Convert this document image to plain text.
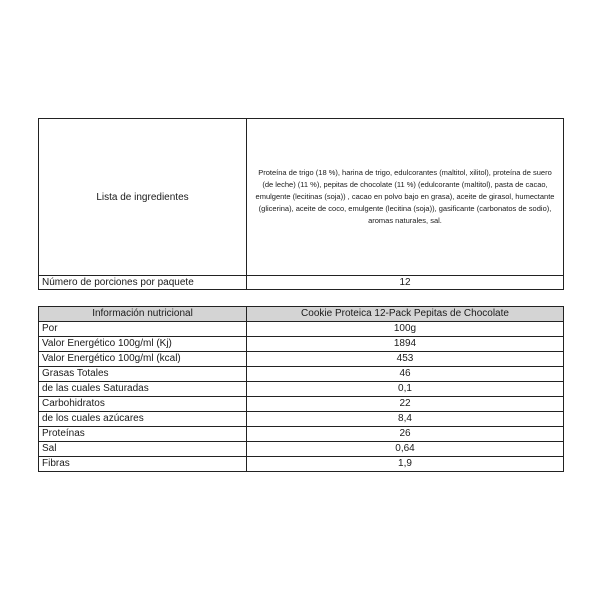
Lista de ingredientes	Proteína de trigo (18 %), harina de trigo, edulcorantes (maltitol, xilitol), proteína de suero (de leche) (11 %), pepitas de chocolate (11 %) (edulcorante (maltitol), pasta de cacao, emulgente (lecitinas (soja)) , cacao en polvo bajo en grasa), aceite de girasol, humectante (glicerina), aceite de coco, emulgente (lecitina (soja)), gasificante (carbonatos de sodio), aromas naturales, sal.
Número de porciones por paquete	12
Información nutricional	Cookie Proteica 12-Pack Pepitas de Chocolate
Por	100g
Valor Energético 100g/ml (Kj)	1894
Valor Energético 100g/ml (kcal)	453
Grasas Totales	46
de las cuales Saturadas	0,1
Carbohidratos	22
de los cuales azúcares	8,4
Proteínas	26
Sal	0,64
Fibras	1,9
